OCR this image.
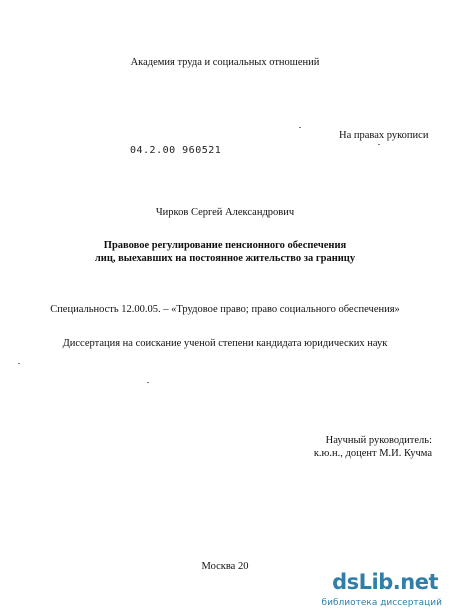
Академия труда и социальных отношений
На правах рукописи
04.2.00 960521
Чирков Сергей Александрович
Правовое регулирование пенсионного обеспечения
лиц, выехавших на постоянное жительство за границу
Специальность 12.00.05. – «Трудовое право; право социального обеспечения»
Диссертация на соискание ученой степени кандидата юридических наук
Научный руководитель:
к.ю.н., доцент М.И. Кучма
Москва 20
dsLib.net
библиотека диссертаций
